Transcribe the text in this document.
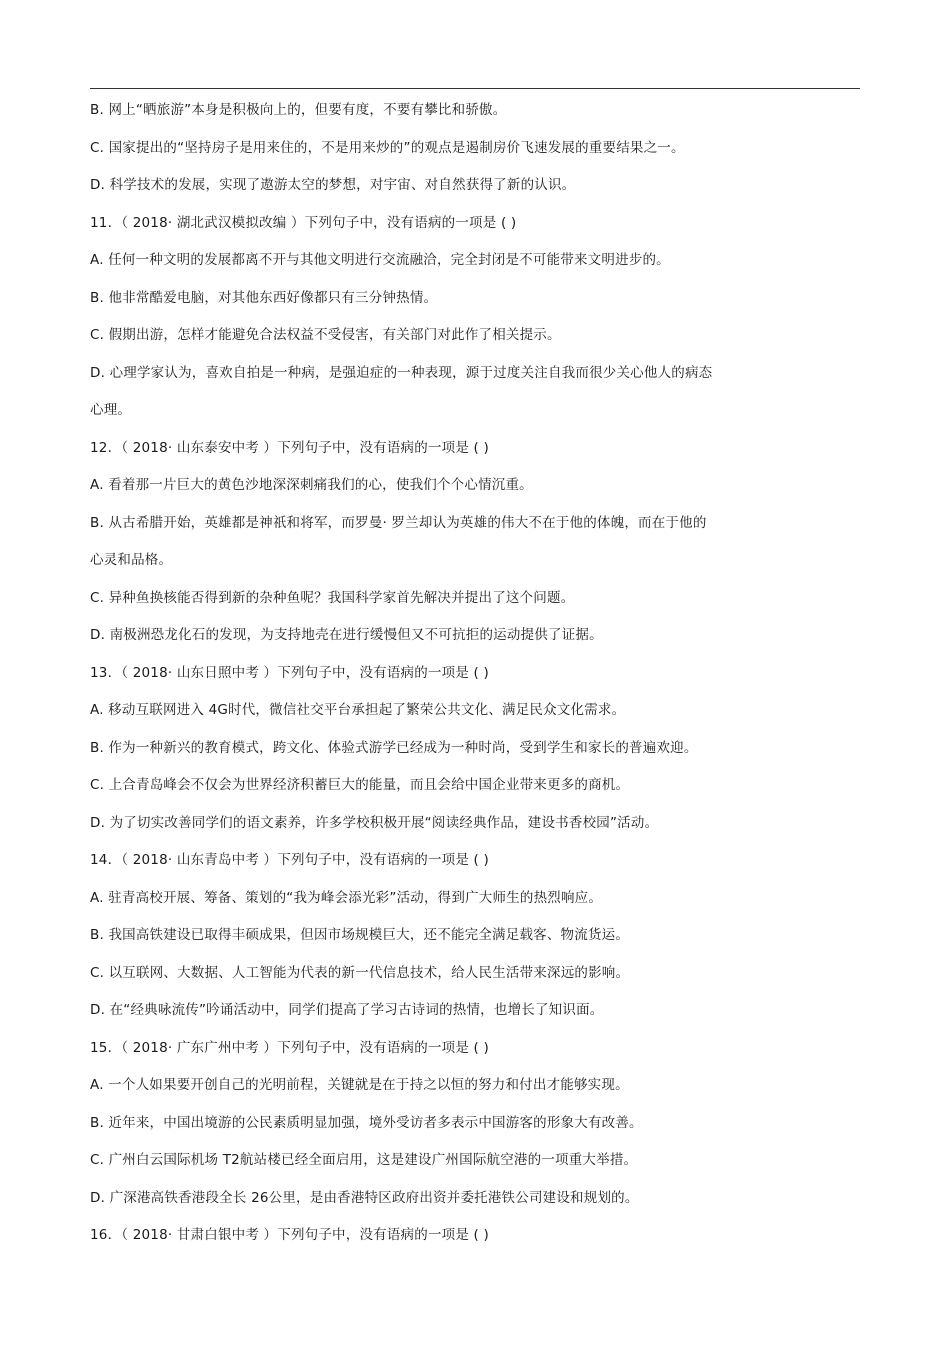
B. 网上“晒旅游”本身是积极向上的，但要有度，不要有攀比和骄傲。
C. 国家提出的“坚持房子是用来住的，不是用来炒的”的观点是遏制房价飞速发展的重要结果之一。
D. 科学技术的发展，实现了遨游太空的梦想，对宇宙、对自然获得了新的认识。
11．（ 2018· 湖北武汉模拟改编 ）下列句子中，没有语病的一项是 ( )
A. 任何一种文明的发展都离不开与其他文明进行交流融洽，完全封闭是不可能带来文明进步的。
B. 他非常酷爱电脑，对其他东西好像都只有三分钟热情。
C. 假期出游，怎样才能避免合法权益不受侵害，有关部门对此作了相关提示。
D. 心理学家认为，喜欢自拍是一种病，是强迫症的一种表现，源于过度关注自我而很少关心他人的病态
心理。
12．（ 2018· 山东泰安中考 ）下列句子中，没有语病的一项是 ( )
A. 看着那一片巨大的黄色沙地深深刺痛我们的心，使我们个个心情沉重。
B. 从古希腊开始，英雄都是神祇和将军，而罗曼· 罗兰却认为英雄的伟大不在于他的体魄，而在于他的
心灵和品格。
C. 异种鱼换核能否得到新的杂种鱼呢？我国科学家首先解决并提出了这个问题。
D. 南极洲恐龙化石的发现，为支持地壳在进行缓慢但又不可抗拒的运动提供了证据。
13．（ 2018· 山东日照中考 ）下列句子中，没有语病的一项是 ( )
A. 移动互联网进入 4G时代，微信社交平台承担起了繁荣公共文化、满足民众文化需求。
B. 作为一种新兴的教育模式，跨文化、体验式游学已经成为一种时尚，受到学生和家长的普遍欢迎。
C. 上合青岛峰会不仅会为世界经济积蓄巨大的能量，而且会给中国企业带来更多的商机。
D. 为了切实改善同学们的语文素养，许多学校积极开展“阅读经典作品，建设书香校园”活动。
14．（ 2018· 山东青岛中考 ）下列句子中，没有语病的一项是 ( )
A. 驻青高校开展、筹备、策划的“我为峰会添光彩”活动，得到广大师生的热烈响应。
B. 我国高铁建设已取得丰硕成果，但因市场规模巨大，还不能完全满足载客、物流货运。
C. 以互联网、大数据、人工智能为代表的新一代信息技术，给人民生活带来深远的影响。
D. 在“经典咏流传”吟诵活动中，同学们提高了学习古诗词的热情，也增长了知识面。
15．（ 2018· 广东广州中考 ）下列句子中，没有语病的一项是 ( )
A. 一个人如果要开创自己的光明前程，关键就是在于持之以恒的努力和付出才能够实现。
B. 近年来，中国出境游的公民素质明显加强，境外受访者多表示中国游客的形象大有改善。
C. 广州白云国际机场 T2航站楼已经全面启用，这是建设广州国际航空港的一项重大举措。
D. 广深港高铁香港段全长 26公里，是由香港特区政府出资并委托港铁公司建设和规划的。
16．（ 2018· 甘肃白银中考 ）下列句子中，没有语病的一项是 ( )
